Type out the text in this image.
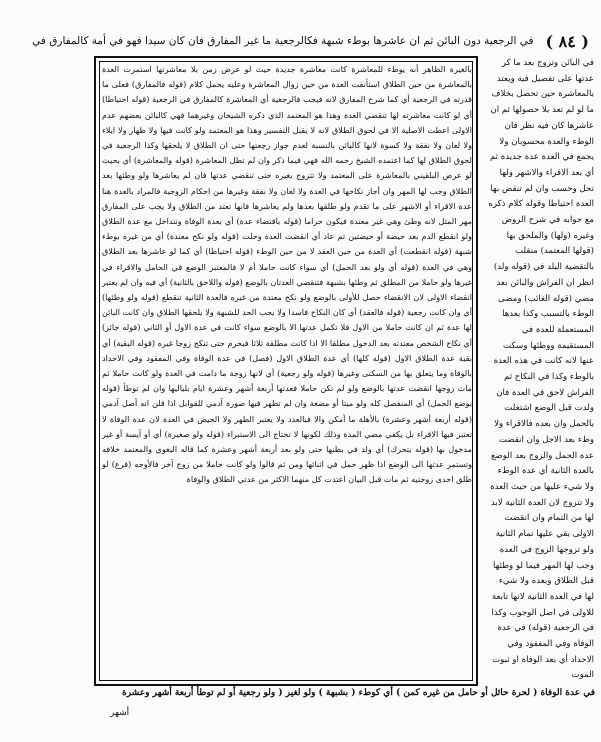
( ٨٤ )
في الرجعية دون البائن ثم ان عاشرها بوطء شبهة فكالرجعية ما غير المفارق فان كان سيدا فهو في أمة كالمفارق في
في البائن وتزوج بعد ما كر عدتها على تفصيل فيه ويعتد بالمعاشرة حين تحصل بخلاف ما لو لم تعد بلا حصولها ثم ان عاشرها كان فيه نظر فان الوطء والعدة محسوبان ولا يجمع في العدة عدة جديدة ثم أي بعد الاقراء والاشهر ولها تحل وحسب وان لم تنقض بها العدة احتياطا وقوله كلام ذكره مع جوابه في شرح الروض وغيره (ولها) والملحق بها (قولها المعتمد) منقلب بالتقضية البلد في (قوله ولد) انظر ان الفراش والبائن بعد مضي (قوله الغائب) ومضى الوطء بالتسبب وكذا بعدها المستعملة للعدة في المستقيمة ووطئها وسكت عنها لانه كانت في هذه العدة بالوطء وكذا في النكاح ثم الفراش لاحق في العدة فان ولدت قبل الوضع اشتغلت بالحمل وان بعده فالاقراء ولا وطء بعد الاجل وان انقضت عدة الحمل والزوج بعد الوضع بالعدة الثانية أي عدة الوطء ولا شيء عليها من حيث العدة ولا تتزوج لان العدة الثانية لابد لها من التمام وان انقضت الاولى بقي عليها تمام الثانية ولو تزوجها الزوج في العدة وجب لها المهر فيما لو وطئها قبل الطلاق وبعده ولا شيء لها في العدة الثانية لانها تابعة للاولى في اصل الوجوب وكذا في الرجعية (قوله) في عدة الوفاة وفي المفقود وفي الاحداد أي بعد الوفاة او ثبوت الموت
بالغيرة الظاهر أنه يوطء للمعاشرة كانت معاشرة جديدة حيث لو عرض زمن بلا معاشرتها استمرت العدة بالمعاشرة من حين الطلاق استأنفت العدة من حين زوال المعاشرة وعليه يحمل كلام (قوله فالمفارق) فعلى ما قدرته في الرجعية أي كما شرح المفارق لانه فيجب فالرجعية أي المعاشرة كالمفارق في الرجعية (قوله احتياطا) أي لو كانت معاشرته لها تنقضي العدة وهذا هو المعتمد الذي ذكره الشيخان وغيرهما فهي كالبائن بعضهم عدم الاولى اعطت الاصلية الا في لحوق الطلاق لانه لا يقبل التفسير وهذا هو المعتمد ولو كانت فيها ولا ظهار ولا ايلاء ولا لعان ولا نفقة ولا كسوة لانها كالبائن بالنسبة لعدم جواز رجعتها حتى ان الطلاق لا يلحقها وكذا الرجعية في لحوق الطلاق لها كما اعتمده الشيخ رحمه الله فهي فيما ذكر وان لم تطل المعاشرة (قوله والمعاشرة) أي بحيث لو عرض البلقيني بالمعاشرة على المعتمد ولا تتزوج بغيره حتى تنقضي عدتها فان لم يعاشرها ولو وطئها بعد الطلاق وجب لها المهر وان أجاز نكاحها في العدة ولا لعان ولا نفقة وغيرها من احكام الزوجية فالمراد بالعدة هنا عدة الاقراء أو الاشهر على ما تقدم ولو طلقها بعدها ولم يعاشرها فانها تعتد من الطلاق ولا يجب على المفارق مهر المثل لانه وطئ وهي غير معتدة فيكون حراما (قوله باقتضاء عدة) أي بعدة الوفاة وتتداخل مع عدة الطلاق ولو انقطع الدم بعد حيضة أو حيضتين ثم عاد أي انقضت العدة وحلت (قوله ولو نكح معتدة) أي من غيره بوطء شبهة (قوله انقطعت) أي العدة من حين العقد لا من حين الوطء (قوله احتياطا) أي كما لو عاشرها بعد الطلاق وهي في العدة (قوله أي ولو بعد الحمل) أي سواء كانت حاملا أم لا فالمعتبر الوضع في الحامل والاقراء في غيرها ولو حاملا من المطلق ثم وطئها بشبهة فتنقضي العدتان بالوضع (قوله واللاحق بالثانية) أي فيه وان لم يعتبر انقضاء الاولى لان الانقضاء حصل للأولى بالوضع ولو نكح معتدة من غيره فالعدة الثانية تنقطع (قوله ولو وطئها) أي وان كانت رجعية (قوله فالعقد) أي كان النكاح فاسدا ولا يجب الحد للشبهة ولا يلحقها الطلاق وان كانت البائن لها عدة ثم ان كانت حاملا من الاول فلا تكمل عدتها الا بالوضع سواء كانت في عدة الاول أو الثاني (قوله جائز) أي نكاح الشخص معتدته بعد الدخول مطلقا الا اذا كانت مطلقة ثلاثا فيحرم حتى تنكح زوجا غيره (قوله البقية) أي بقية عدة الطلاق الاول (قوله كلها) أي عدة الطلاق الاول (فصل) في عدة الوفاة وفي المفقود وفي الاحداد بالوفاة وما يتعلق بها من السكنى وغيرها (قوله ولو رجعية) أي لانها زوجة ما دامت في العدة ولو كانت حاملا ثم مات زوجها انقضت عدتها بالوضع ولو لم تكن حاملا فعدتها أربعة أشهر وعشرة ايام بلياليها وان لم توطأ (قوله بوضع الحمل) أي المنفصل كله ولو ميتا أو مضغة وان لم تظهر فيها صورة آدمي للقوابل اذا قلن انه أصل آدمي (قوله أربعة أشهر وعشرة) بالأهلة ما أمكن والا فبالعدد ولا يعتبر الطهر ولا الحيض في العدة لان عدة الوفاة لا تعتبر فيها الاقراء بل يكفي مضي المدة وذلك لكونها لا تحتاج الى الاستبراء (قوله ولو صغيرة) أي أو آيسة أو غير مدخول بها (قوله يتحرك) أي ولد في بطنها حتى ولو بعد أربعة أشهر وعشرة كما قاله البغوي والمعتمد خلافه وتستمر عدتها الى الوضع اذا ظهر حمل في اثنائها ومن ثم قالوا ولو كانت حاملا من زوج آخر فالأوجه (فرع) لو طلق احدى زوجتيه ثم مات قبل البيان اعتدت كل منهما الاكثر من عدتي الطلاق والوفاة
في عدة الوفاة ( لحرة حائل أو حامل من غيره كمن ) أي كوطء ( بشبهة ) ولو لغير ( ولو رجعية أو لم توطأ أربعة أشهر وعشرة
أشهر
